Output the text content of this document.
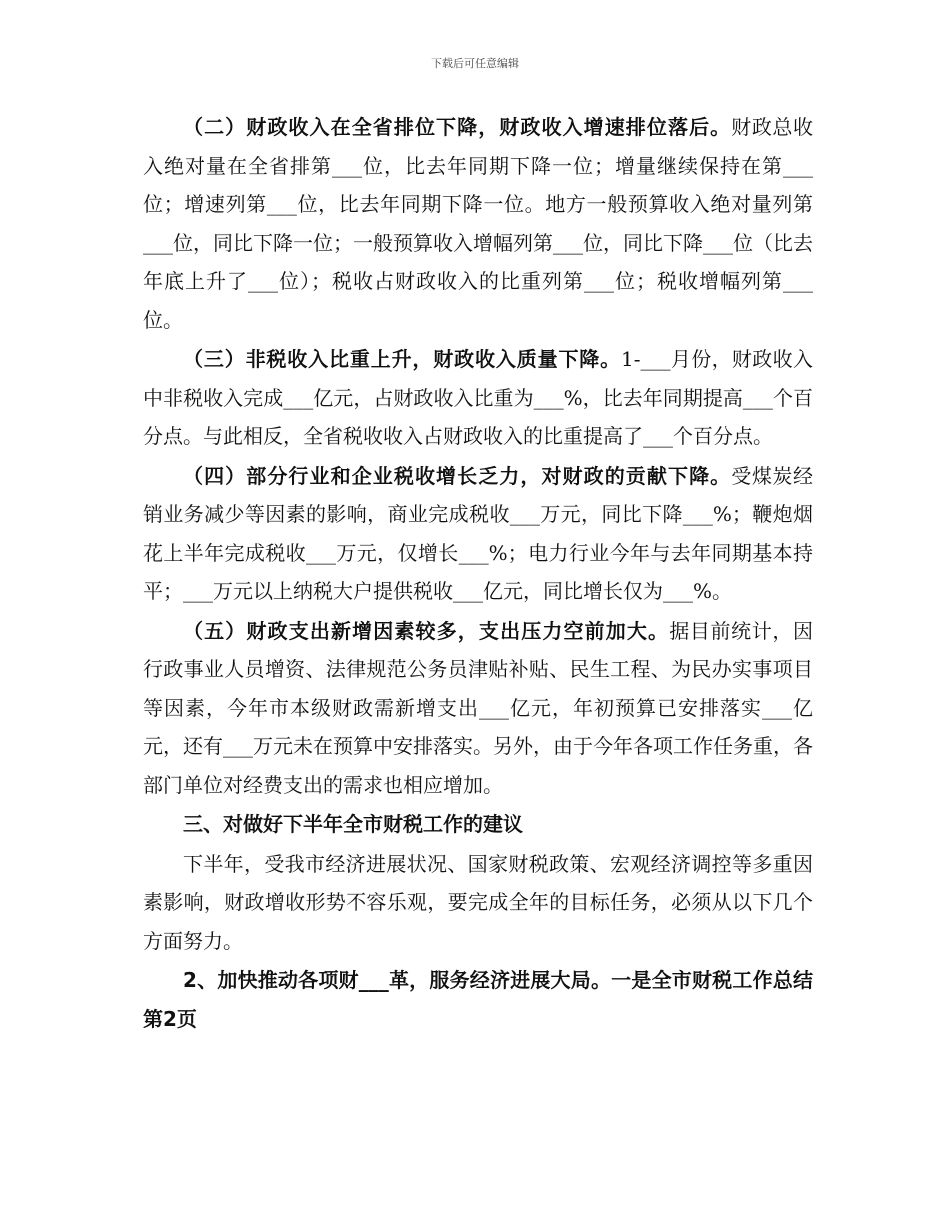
下载后可任意编辑

（二）财政收入在全省排位下降，财政收入增速排位落后。财政总收入绝对量在全省排第___位，比去年同期下降一位；增量继续保持在第___位；增速列第___位，比去年同期下降一位。地方一般预算收入绝对量列第___位，同比下降一位；一般预算收入增幅列第___位，同比下降___位（比去年底上升了___位）；税收占财政收入的比重列第___位；税收增幅列第___位。

（三）非税收入比重上升，财政收入质量下降。1-___月份，财政收入中非税收入完成___亿元，占财政收入比重为___%，比去年同期提高___个百分点。与此相反，全省税收收入占财政收入的比重提高了___个百分点。

（四）部分行业和企业税收增长乏力，对财政的贡献下降。受煤炭经销业务减少等因素的影响，商业完成税收___万元，同比下降___%；鞭炮烟花上半年完成税收___万元，仅增长___%；电力行业今年与去年同期基本持平；___万元以上纳税大户提供税收___亿元，同比增长仅为___%。

（五）财政支出新增因素较多，支出压力空前加大。据目前统计，因行政事业人员增资、法律规范公务员津贴补贴、民生工程、为民办实事项目等因素，今年市本级财政需新增支出___亿元，年初预算已安排落实___亿元，还有___万元未在预算中安排落实。另外，由于今年各项工作任务重，各部门单位对经费支出的需求也相应增加。

三、对做好下半年全市财税工作的建议

下半年，受我市经济进展状况、国家财税政策、宏观经济调控等多重因素影响，财政增收形势不容乐观，要完成全年的目标任务，必须从以下几个方面努力。

2、加快推动各项财___革，服务经济进展大局。一是全市财税工作总结第2页
